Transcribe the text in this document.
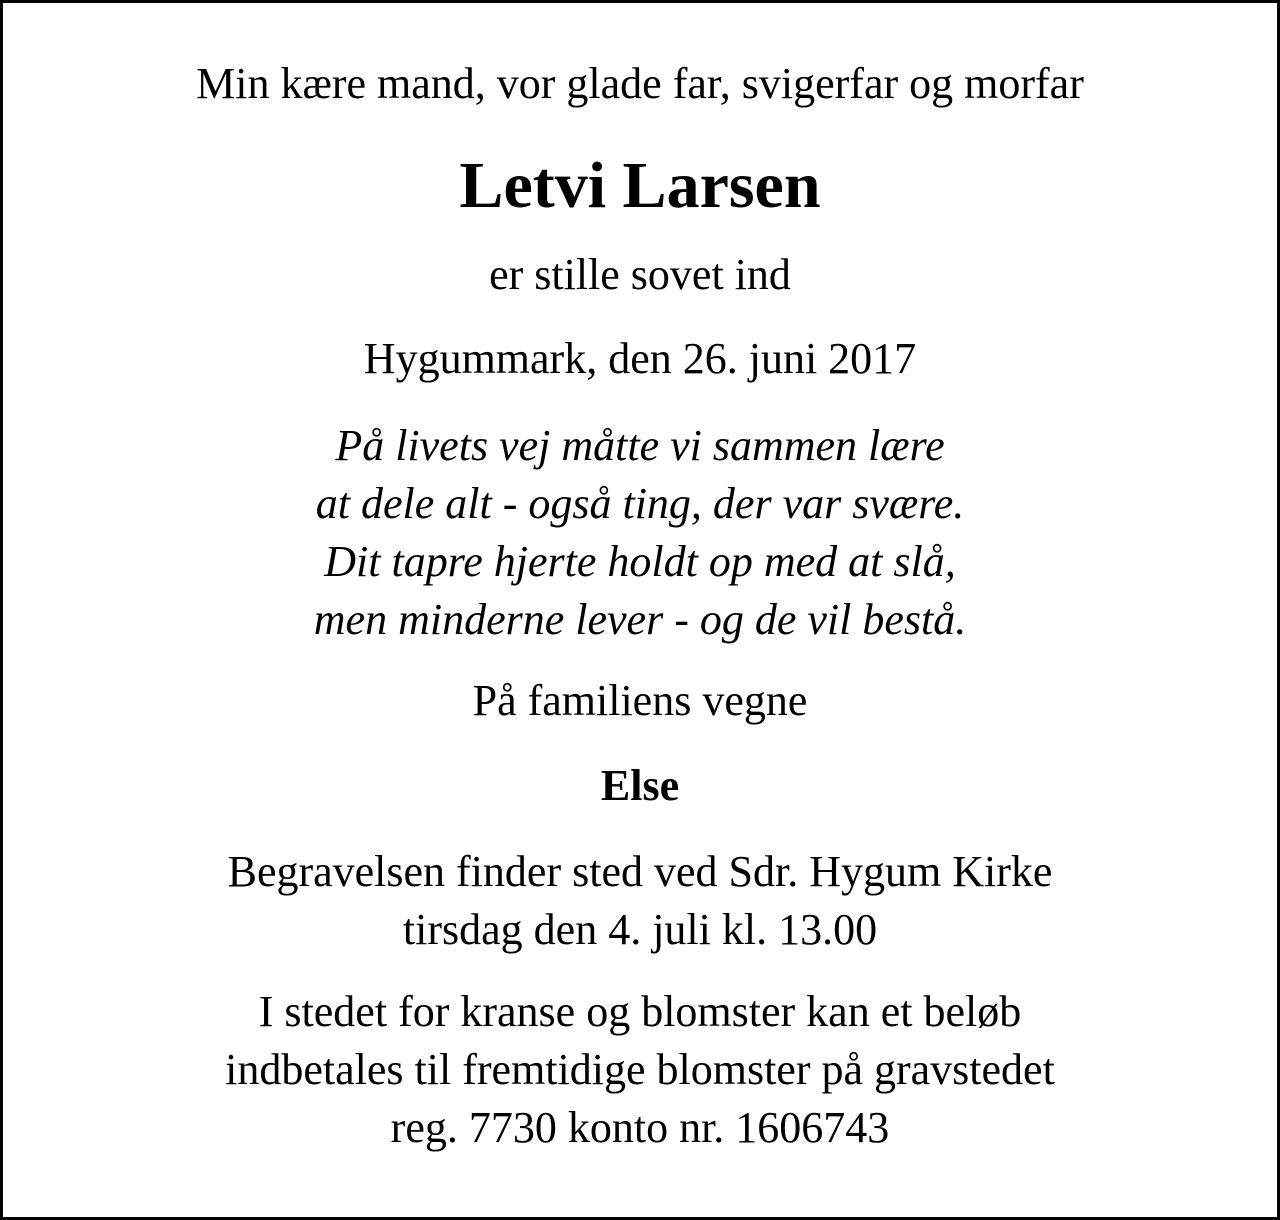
Min kære mand, vor glade far, svigerfar og morfar

Letvi Larsen

er stille sovet ind

Hygummark, den 26. juni 2017

På livets vej måtte vi sammen lære
at dele alt - også ting, der var svære.
Dit tapre hjerte holdt op med at slå,
men minderne lever - og de vil bestå.

På familiens vegne

Else

Begravelsen finder sted ved Sdr. Hygum Kirke
tirsdag den 4. juli kl. 13.00

I stedet for kranse og blomster kan et beløb
indbetales til fremtidige blomster på gravstedet
reg. 7730 konto nr. 1606743
